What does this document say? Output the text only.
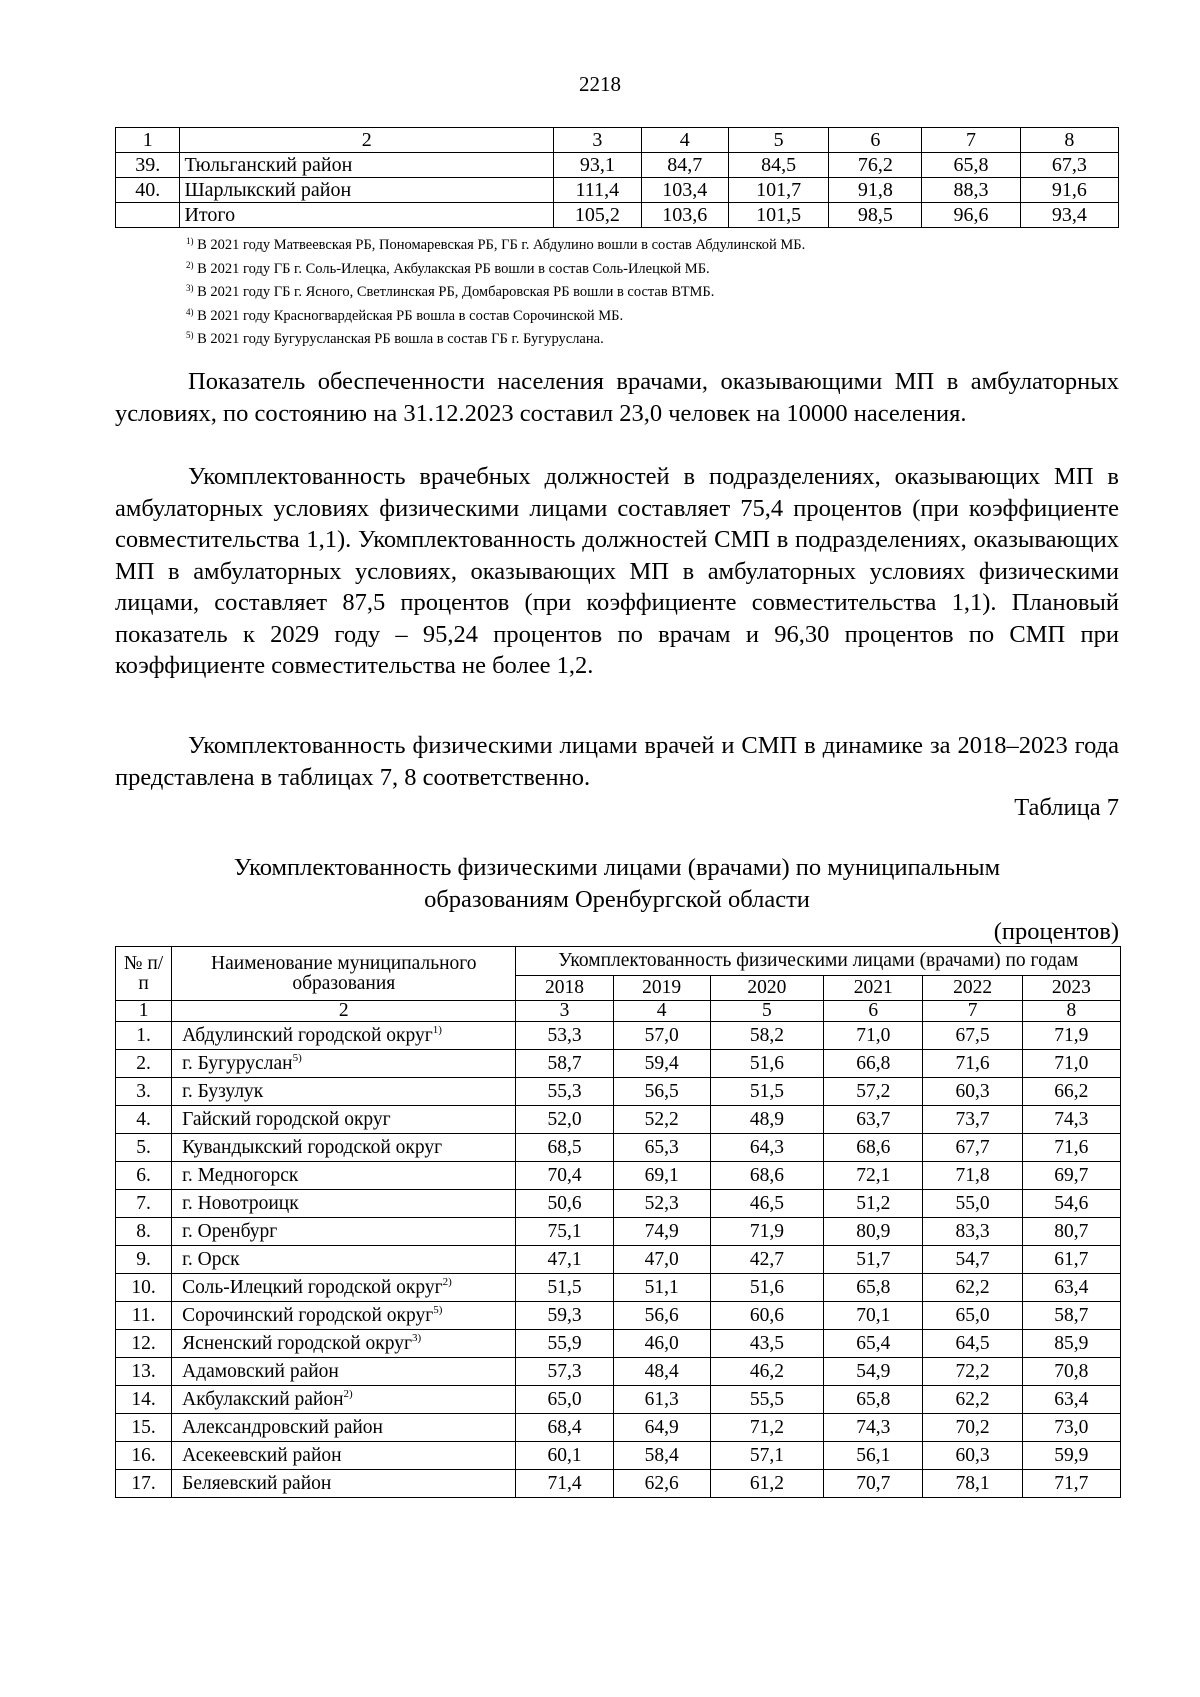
2218
1	2	3	4	5	6	7	8
39.	Тюльганский район	93,1	84,7	84,5	76,2	65,8	67,3
40.	Шарлыкский район	111,4	103,4	101,7	91,8	88,3	91,6
	Итого	105,2	103,6	101,5	98,5	96,6	93,4
$^{1)}$ В 2021 году Матвеевская РБ, Пономаревская РБ, ГБ г. Абдулино вошли в состав Абдулинской МБ.
$^{2)}$ В 2021 году ГБ г. Соль-Илецка, Акбулакская РБ вошли в состав Соль-Илецкой МБ.
$^{3)}$ В 2021 году ГБ г. Ясного, Светлинская РБ, Домбаровская РБ вошли в состав ВТМБ.
$^{4)}$ В 2021 году Красногвардейская РБ вошла в состав Сорочинской МБ.
$^{5)}$ В 2021 году Бугурусланская РБ вошла в состав ГБ г. Бугуруслана.

Показатель обеспеченности населения врачами, оказывающими МП в амбулаторных условиях, по состоянию на 31.12.2023 составил 23,0 человек на 10000 населения.

Укомплектованность врачебных должностей в подразделениях, оказывающих МП в амбулаторных условиях физическими лицами составляет 75,4 процентов (при коэффициенте совместительства 1,1). Укомплектованность должностей СМП в подразделениях, оказывающих МП в амбулаторных условиях, оказывающих МП в амбулаторных условиях физическими лицами, составляет 87,5 процентов (при коэффициенте совместительства 1,1). Плановый показатель к 2029 году – 95,24 процентов по врачам и 96,30 процентов по СМП при коэффициенте совместительства не более 1,2.

Укомплектованность физическими лицами врачей и СМП в динамике за 2018–2023 года представлена в таблицах 7, 8 соответственно.

Таблица 7
Укомплектованность физическими лицами (врачами) по муниципальным
образованиям Оренбургской области
(процентов)
№ п/п	Наименование муниципального образования	Укомплектованность физическими лицами (врачами) по годам					
		2018	2019	2020	2021	2022	2023
1	2	3	4	5	6	7	8
1.	Абдулинский городской округ$^{1)}$	53,3	57,0	58,2	71,0	67,5	71,9
2.	г. Бугуруслан$^{5)}$	58,7	59,4	51,6	66,8	71,6	71,0
3.	г. Бузулук	55,3	56,5	51,5	57,2	60,3	66,2
4.	Гайский городской округ	52,0	52,2	48,9	63,7	73,7	74,3
5.	Кувандыкский городской округ	68,5	65,3	64,3	68,6	67,7	71,6
6.	г. Медногорск	70,4	69,1	68,6	72,1	71,8	69,7
7.	г. Новотроицк	50,6	52,3	46,5	51,2	55,0	54,6
8.	г. Оренбург	75,1	74,9	71,9	80,9	83,3	80,7
9.	г. Орск	47,1	47,0	42,7	51,7	54,7	61,7
10.	Соль-Илецкий городской округ$^{2)}$	51,5	51,1	51,6	65,8	62,2	63,4
11.	Сорочинский городской округ$^{5)}$	59,3	56,6	60,6	70,1	65,0	58,7
12.	Ясненский городской округ$^{3)}$	55,9	46,0	43,5	65,4	64,5	85,9
13.	Адамовский район	57,3	48,4	46,2	54,9	72,2	70,8
14.	Акбулакский район$^{2)}$	65,0	61,3	55,5	65,8	62,2	63,4
15.	Александровский район	68,4	64,9	71,2	74,3	70,2	73,0
16.	Асекеевский район	60,1	58,4	57,1	56,1	60,3	59,9
17.	Беляевский район	71,4	62,6	61,2	70,7	78,1	71,7
